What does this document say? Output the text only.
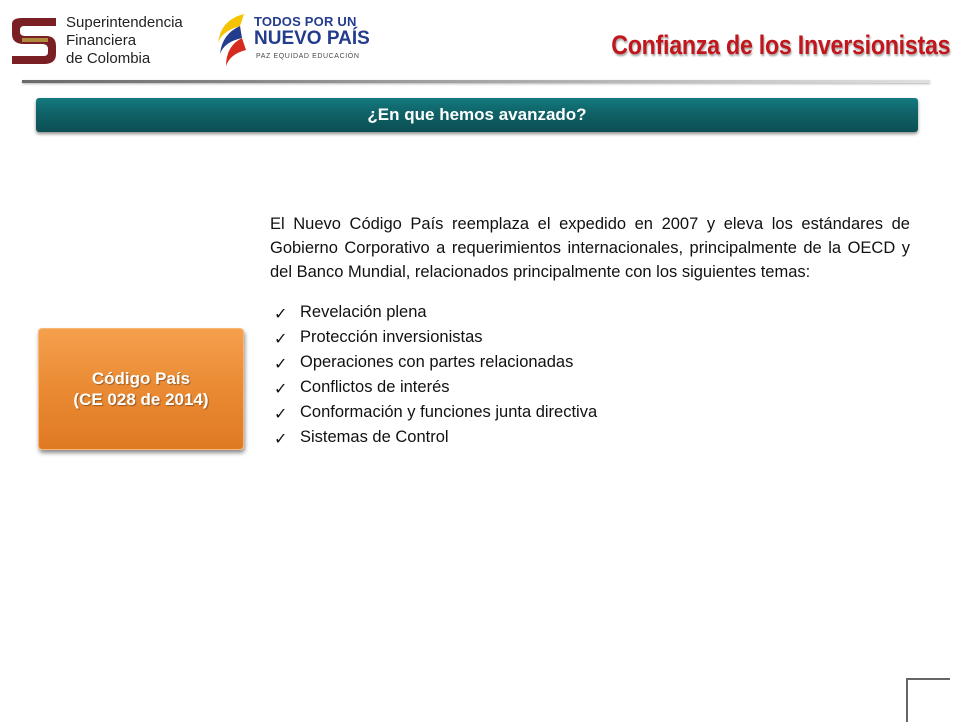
Superintendencia
Financiera
de Colombia
TODOS POR UN
NUEVO PAÍS
PAZ EQUIDAD EDUCACIÓN	Confianza de los Inversionistas
¿En que hemos avanzado?
Código País
(CE 028 de 2014)

El Nuevo Código País reemplaza el expedido en 2007 y eleva los estándares de Gobierno Corporativo a requerimientos internacionales, principalmente de la OECD y del Banco Mundial, relacionados principalmente con los siguientes temas:

✓ Revelación plena
✓ Protección inversionistas
✓ Operaciones con partes relacionadas
✓ Conflictos de interés
✓ Conformación y funciones junta directiva
✓ Sistemas de Control
